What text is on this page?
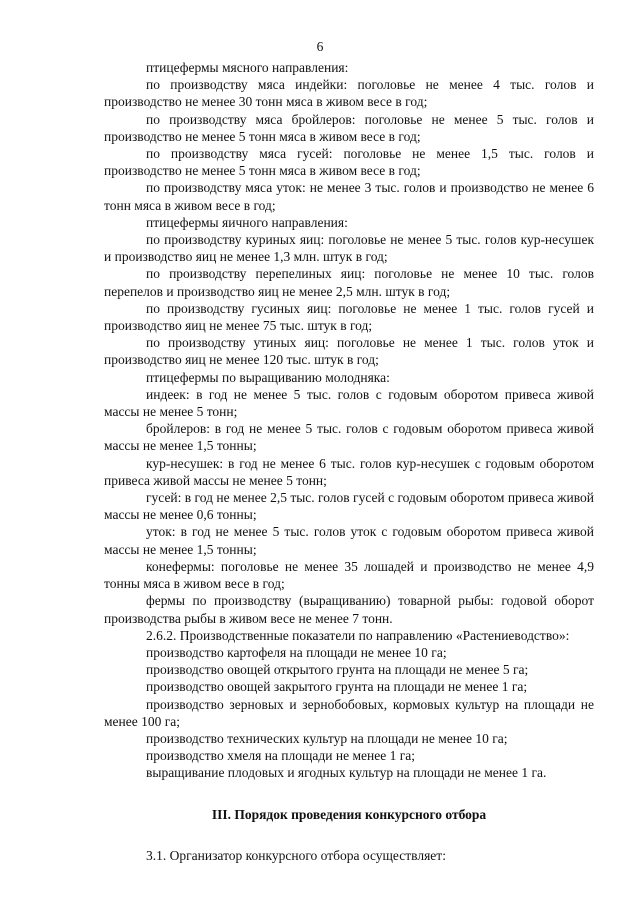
6

птицефермы мясного направления:

по производству мяса индейки: поголовье не менее 4 тыс. голов и производство не менее 30 тонн мяса в живом весе в год;

по производству мяса бройлеров: поголовье не менее 5 тыс. голов и производство не менее 5 тонн мяса в живом весе в год;

по производству мяса гусей: поголовье не менее 1,5 тыс. голов и производство не менее 5 тонн мяса в живом весе в год;

по производству мяса уток: не менее 3 тыс. голов и производство не менее 6 тонн мяса в живом весе в год;

птицефермы яичного направления:

по производству куриных яиц: поголовье не менее 5 тыс. голов кур-несушек и производство яиц не менее 1,3 млн. штук в год;

по производству перепелиных яиц: поголовье не менее 10 тыс. голов перепелов и производство яиц не менее 2,5 млн. штук в год;

по производству гусиных яиц: поголовье не менее 1 тыс. голов гусей и производство яиц не менее 75 тыс. штук в год;

по производству утиных яиц: поголовье не менее 1 тыс. голов уток и производство яиц не менее 120 тыс. штук в год;

птицефермы по выращиванию молодняка:

индеек: в год не менее 5 тыс. голов с годовым оборотом привеса живой массы не менее 5 тонн;

бройлеров: в год не менее 5 тыс. голов с годовым оборотом привеса живой массы не менее 1,5 тонны;

кур-несушек: в год не менее 6 тыс. голов кур-несушек с годовым оборотом привеса живой массы не менее 5 тонн;

гусей: в год не менее 2,5 тыс. голов гусей с годовым оборотом привеса живой массы не менее 0,6 тонны;

уток: в год не менее 5 тыс. голов уток с годовым оборотом привеса живой массы не менее 1,5 тонны;

конефермы: поголовье не менее 35 лошадей и производство не менее 4,9 тонны мяса в живом весе в год;

фермы по производству (выращиванию) товарной рыбы: годовой оборот производства рыбы в живом весе не менее 7 тонн.

2.6.2. Производственные показатели по направлению «Растениеводство»:

производство картофеля на площади не менее 10 га;

производство овощей открытого грунта на площади не менее 5 га;

производство овощей закрытого грунта на площади не менее 1 га;

производство зерновых и зернобобовых, кормовых культур на площади не менее 100 га;

производство технических культур на площади не менее 10 га;

производство хмеля на площади не менее 1 га;

выращивание плодовых и ягодных культур на площади не менее 1 га.

III. Порядок проведения конкурсного отбора

3.1. Организатор конкурсного отбора осуществляет:
